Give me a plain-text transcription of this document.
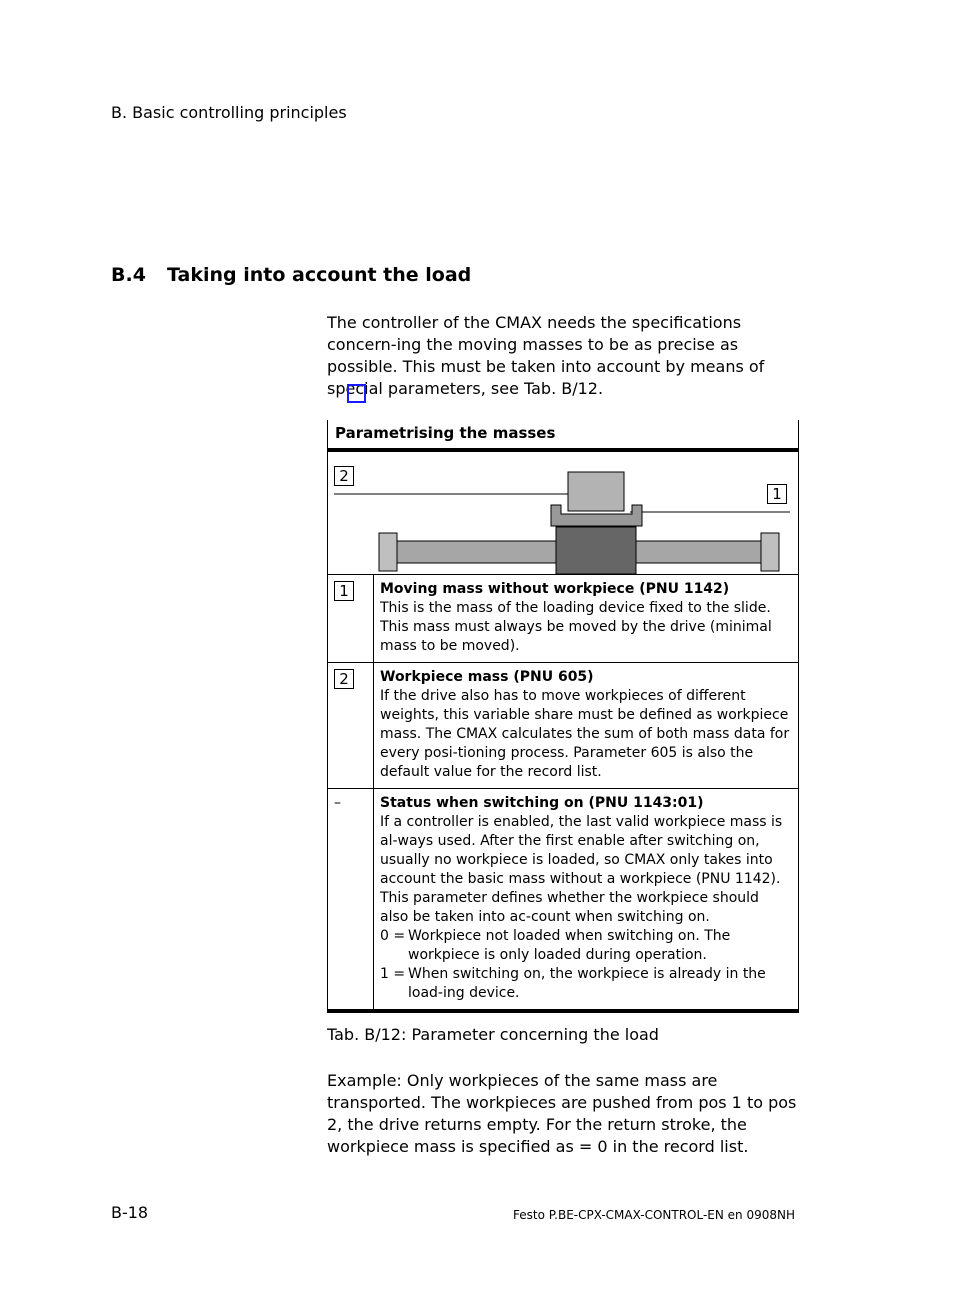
B. Basic controlling principles
B.4 Taking into account the load
The controller of the CMAX needs the specifications concern-ing the moving masses to be as precise as possible. This must be taken into account by means of special parameters, see Tab. B/12.
Parametrising the masses
2
1
1	Moving mass without workpiece (PNU 1142)
This is the mass of the loading device fixed to the slide. This mass must always be moved by the drive (minimal mass to be moved).
2	Workpiece mass (PNU 605)
If the drive also has to move workpieces of different weights, this variable share must be defined as workpiece mass. The CMAX calculates the sum of both mass data for every posi-tioning process. Parameter 605 is also the default value for the record list.
–	Status when switching on (PNU 1143:01)
If a controller is enabled, the last valid workpiece mass is al-ways used. After the first enable after switching on, usually no workpiece is loaded, so CMAX only takes into account the basic mass without a workpiece (PNU 1142). This parameter defines whether the workpiece should also be taken into ac-count when switching on.
0 = Workpiece not loaded when switching on. The workpiece is only loaded during operation.
1 = When switching on, the workpiece is already in the load-ing device.
Tab. B/12: Parameter concerning the load
Example: Only workpieces of the same mass are transported. The workpieces are pushed from pos 1 to pos 2, the drive returns empty. For the return stroke, the workpiece mass is specified as = 0 in the record list.
B-18	Festo P.BE-CPX-CMAX-CONTROL-EN en 0908NH
